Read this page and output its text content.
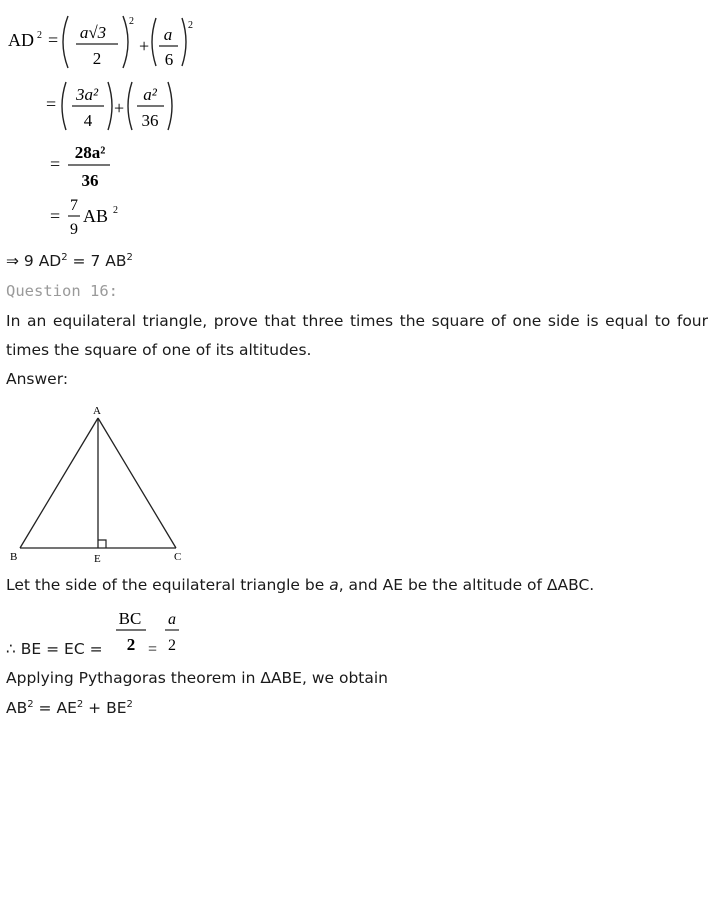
AD 2 = a√3
2
2
+
a
6
2
= 3a²
4
+
a²
36
=
28a²
36
=
7
9
AB 2
⇒ 9 $AD^2 = 7$ $AB^2$
Question 16:
In an equilateral triangle, prove that three times the square of one side is equal to four times the square of one of its altitudes.
Answer:
A
B	C
E
Let the side of the equilateral triangle be a, and AE be the altitude of ΔABC.
∴ BE = EC =
BC
2 =
a
2
Applying Pythagoras theorem in ΔABE, we obtain
$AB^2 = AE^2 + BE^2$
